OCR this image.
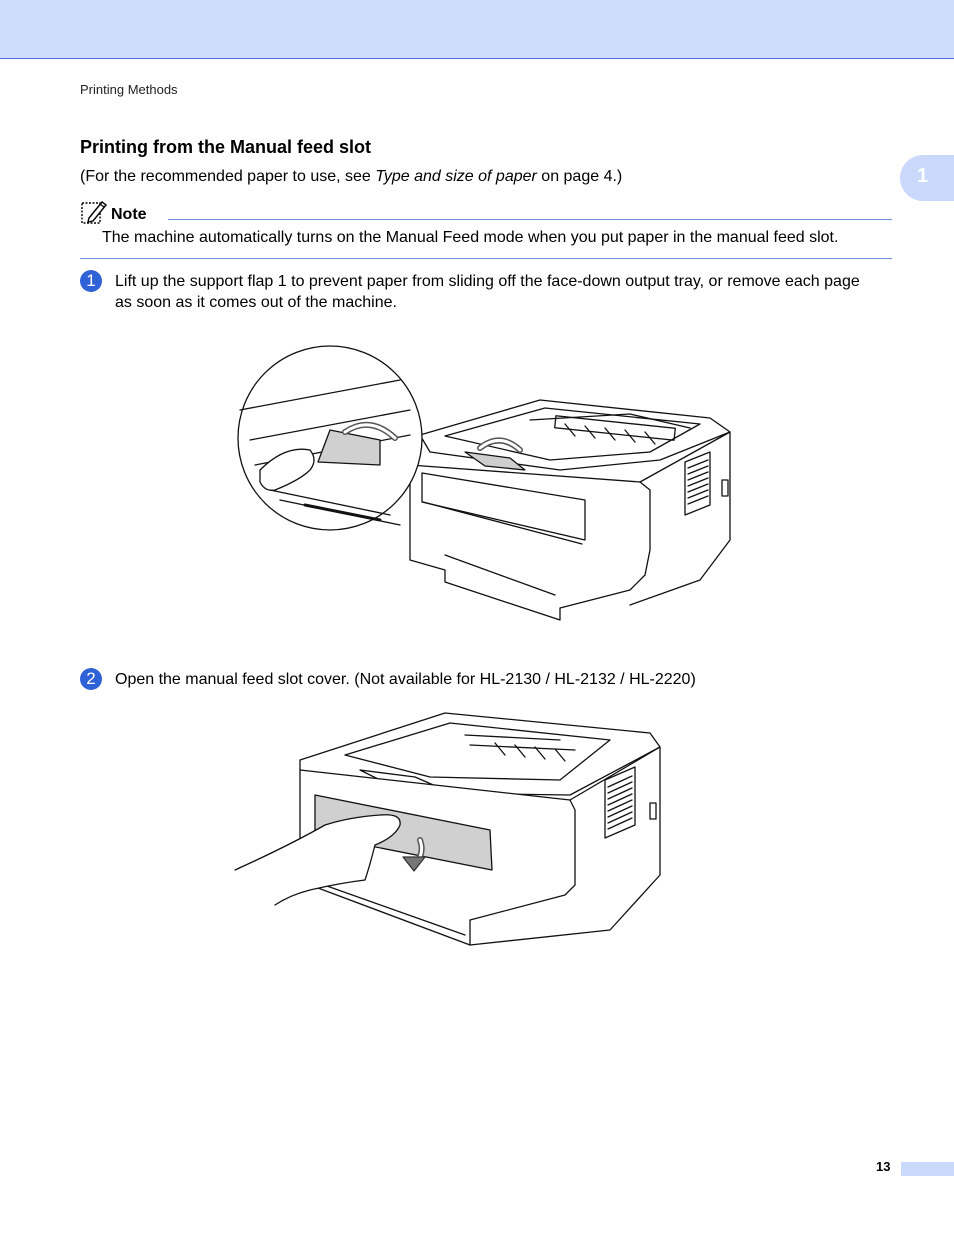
Printing Methods
1
Printing from the Manual feed slot
(For the recommended paper to use, see Type and size of paper on page 4.)
Note
The machine automatically turns on the Manual Feed mode when you put paper in the manual feed slot.
1	Lift up the support flap 1 to prevent paper from sliding off the face-down output tray, or remove each page
as soon as it comes out of the machine.
2	Open the manual feed slot cover. (Not available for HL-2130 / HL-2132 / HL-2220)
13
